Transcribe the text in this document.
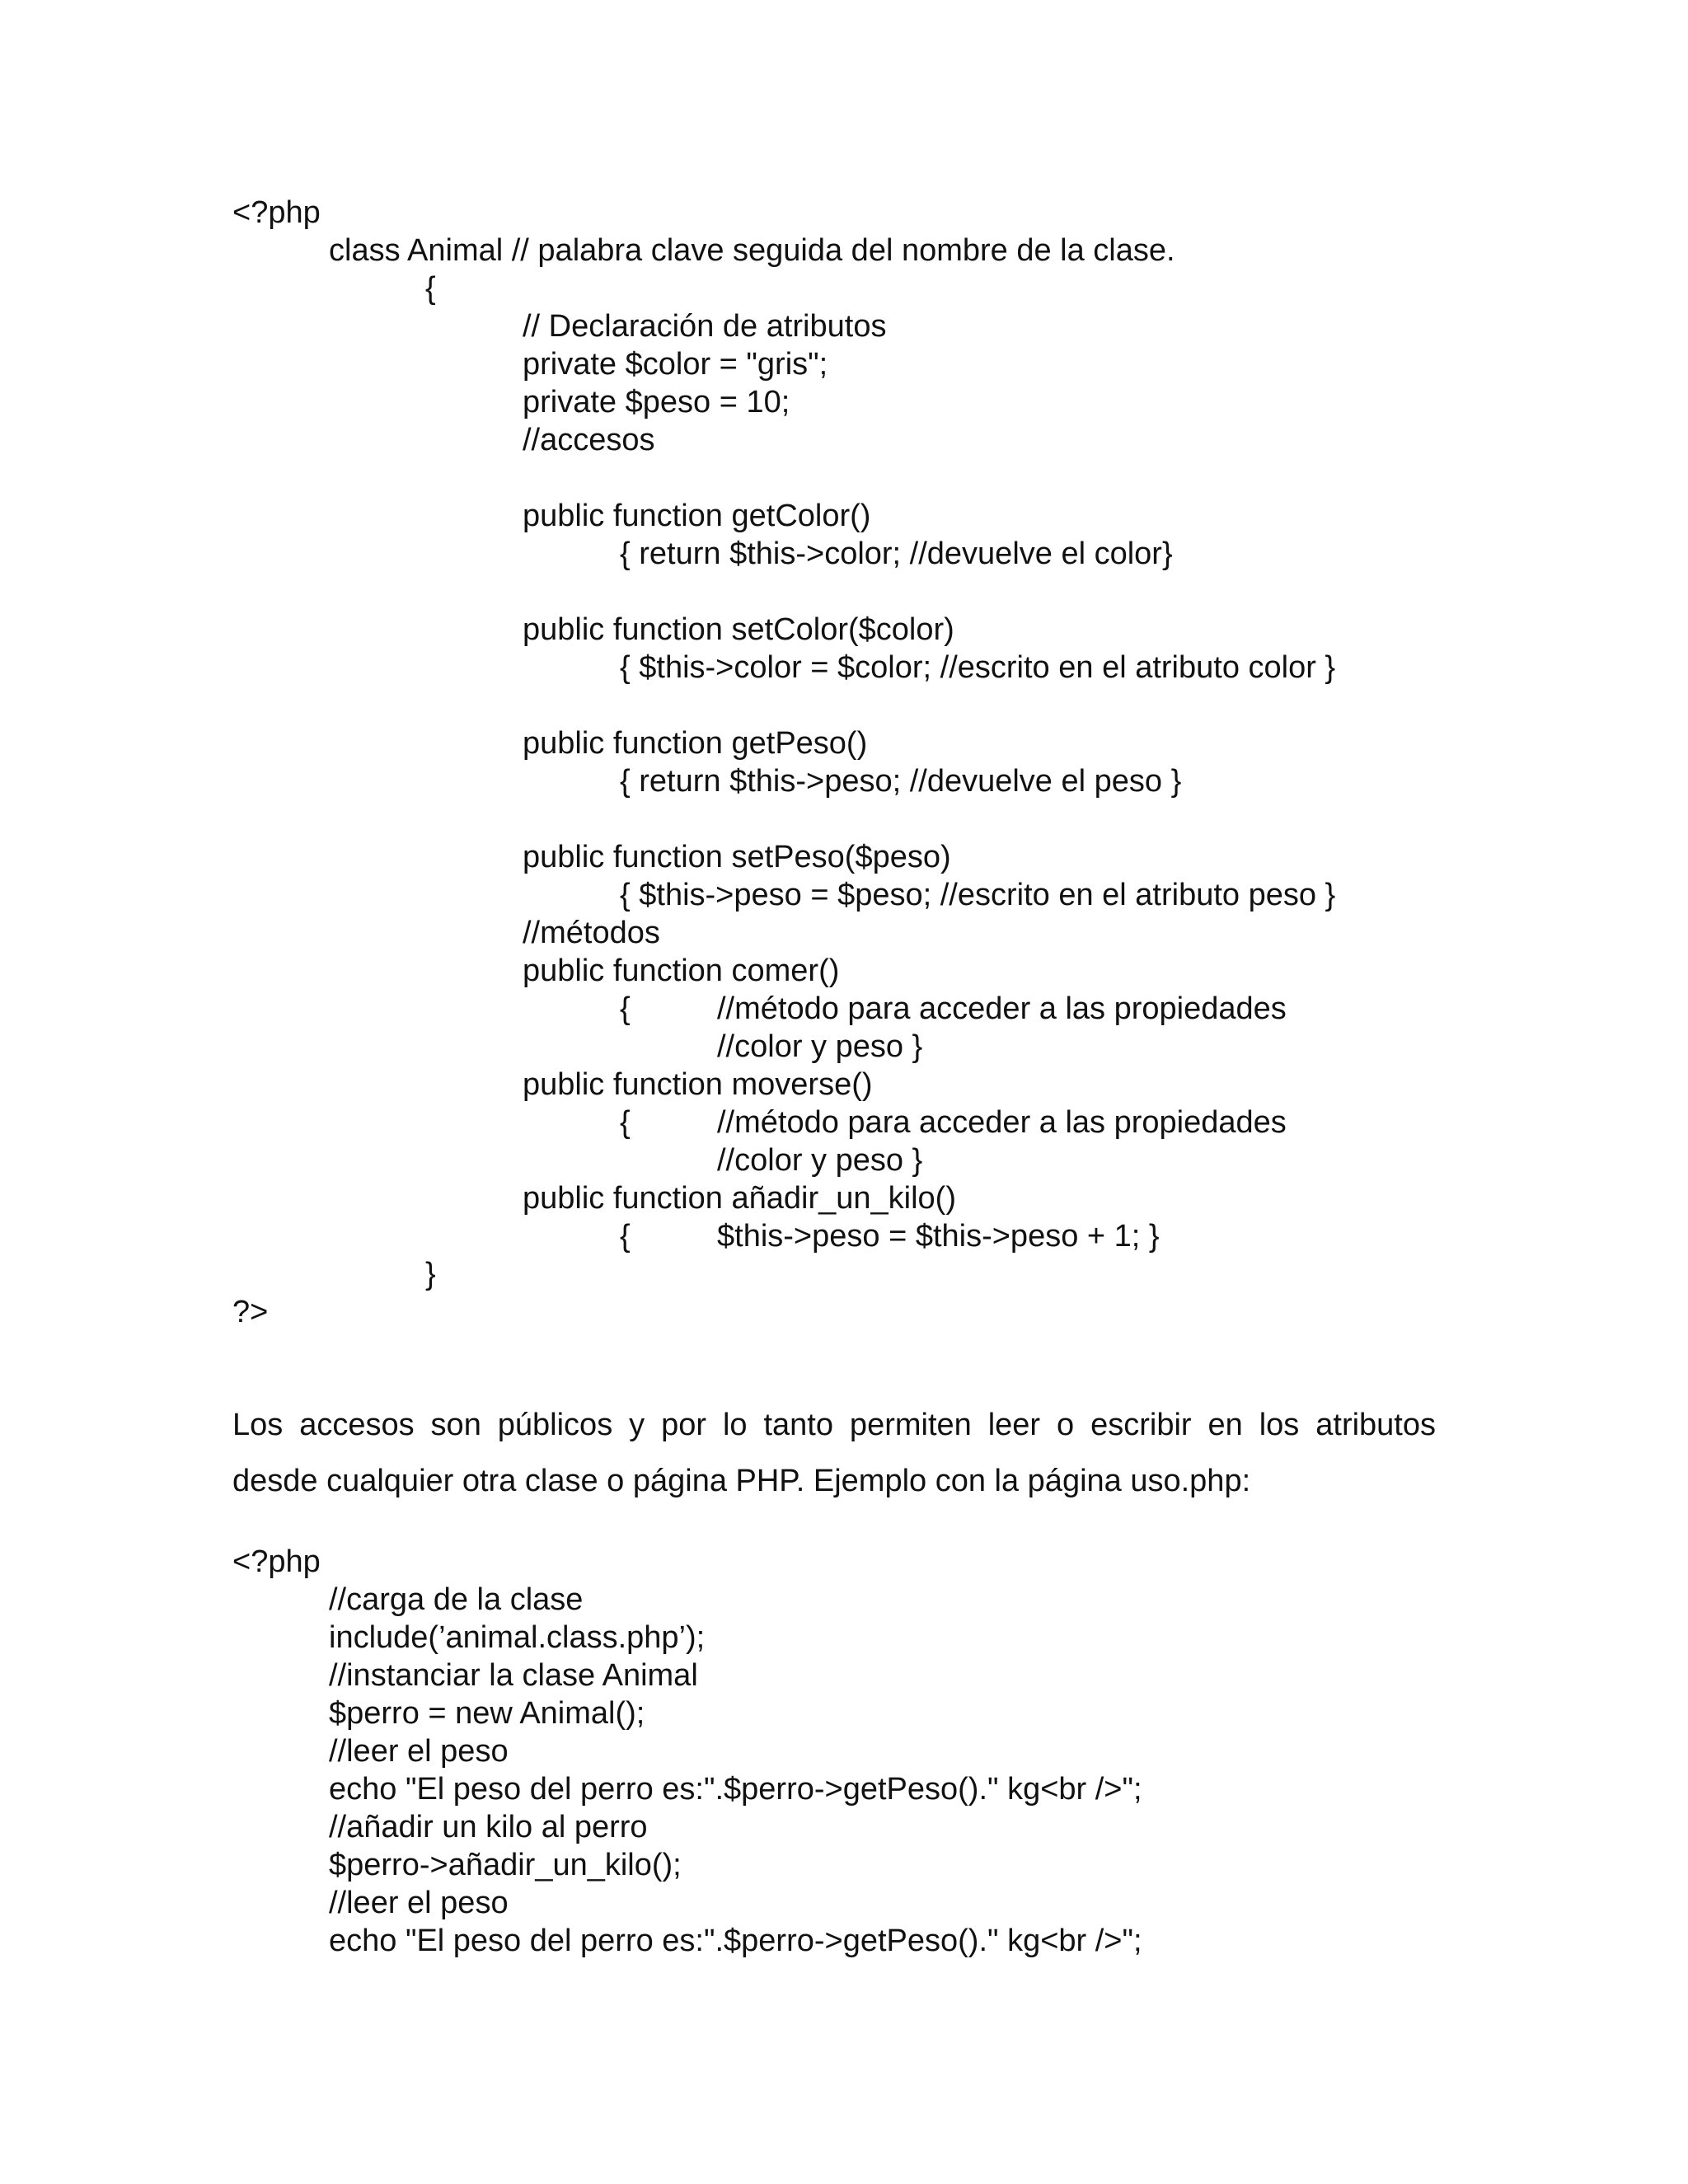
<?php
class Animal // palabra clave seguida del nombre de la clase.
{
// Declaración de atributos
private $color = "gris";
private $peso = 10;
//accesos
public function getColor()
{ return $this->color; //devuelve el color}
public function setColor($color)
{ $this->color = $color; //escrito en el atributo color }
public function getPeso()
{ return $this->peso; //devuelve el peso }
public function setPeso($peso)
{ $this->peso = $peso; //escrito en el atributo peso }
//métodos
public function comer()
{	//método para acceder a las propiedades
//color y peso }
public function moverse()
{	//método para acceder a las propiedades
//color y peso }
public function añadir_un_kilo()
{	$this->peso = $this->peso + 1; }
}
?>
Los accesos son públicos y por lo tanto permiten leer o escribir en los atributos
desde cualquier otra clase o página PHP. Ejemplo con la página uso.php:
<?php
//carga de la clase
include(’animal.class.php’);
//instanciar la clase Animal
$perro = new Animal();
//leer el peso
echo "El peso del perro es:".$perro->getPeso()." kg<br />";
//añadir un kilo al perro
$perro->añadir_un_kilo();
//leer el peso
echo "El peso del perro es:".$perro->getPeso()." kg<br />";
